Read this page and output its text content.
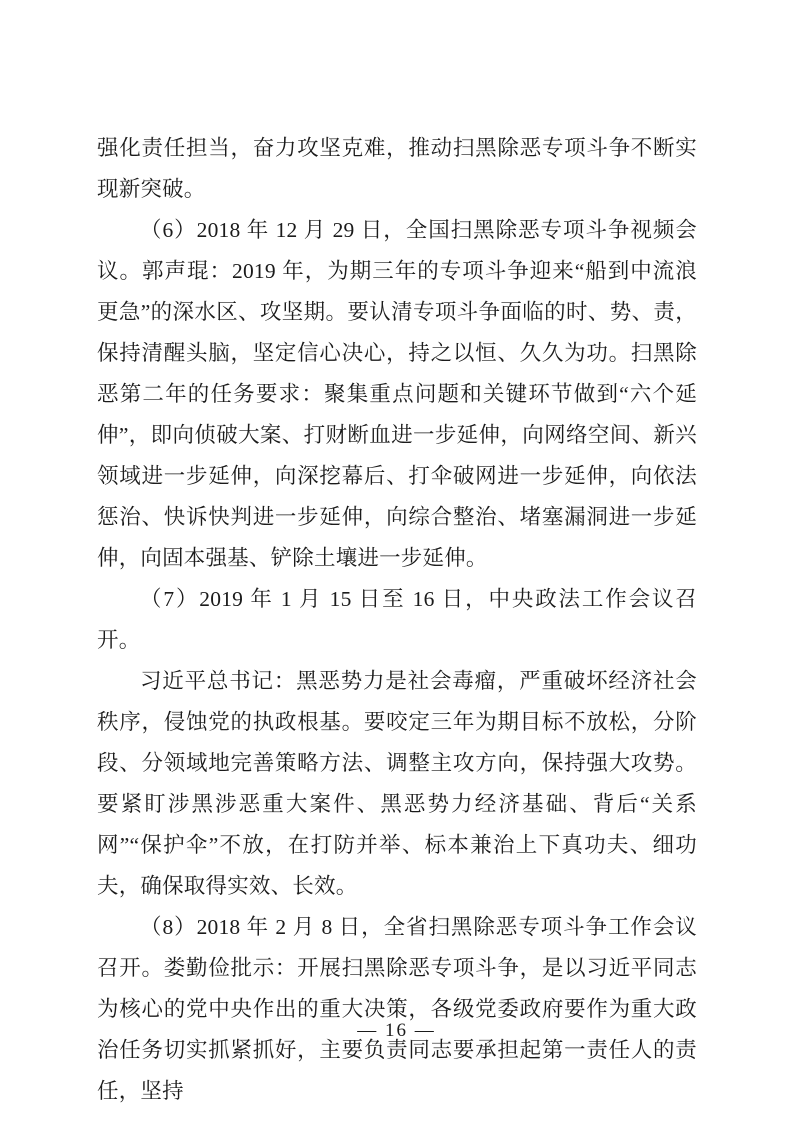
强化责任担当，奋力攻坚克难，推动扫黑除恶专项斗争不断实现新突破。

（6）2018 年 12 月 29 日，全国扫黑除恶专项斗争视频会议。郭声琨：2019 年，为期三年的专项斗争迎来“船到中流浪更急”的深水区、攻坚期。要认清专项斗争面临的时、势、责，保持清醒头脑，坚定信心决心，持之以恒、久久为功。扫黑除恶第二年的任务要求：聚集重点问题和关键环节做到“六个延伸”，即向侦破大案、打财断血进一步延伸，向网络空间、新兴领域进一步延伸，向深挖幕后、打伞破网进一步延伸，向依法惩治、快诉快判进一步延伸，向综合整治、堵塞漏洞进一步延伸，向固本强基、铲除土壤进一步延伸。

（7）2019 年 1 月 15 日至 16 日，中央政法工作会议召开。

习近平总书记：黑恶势力是社会毒瘤，严重破坏经济社会秩序，侵蚀党的执政根基。要咬定三年为期目标不放松，分阶段、分领域地完善策略方法、调整主攻方向，保持强大攻势。要紧盯涉黑涉恶重大案件、黑恶势力经济基础、背后“关系网”“保护伞”不放，在打防并举、标本兼治上下真功夫、细功夫，确保取得实效、长效。

（8）2018 年 2 月 8 日，全省扫黑除恶专项斗争工作会议召开。娄勤俭批示：开展扫黑除恶专项斗争，是以习近平同志为核心的党中央作出的重大决策，各级党委政府要作为重大政治任务切实抓紧抓好，主要负责同志要承担起第一责任人的责任，坚持

— 16 —
